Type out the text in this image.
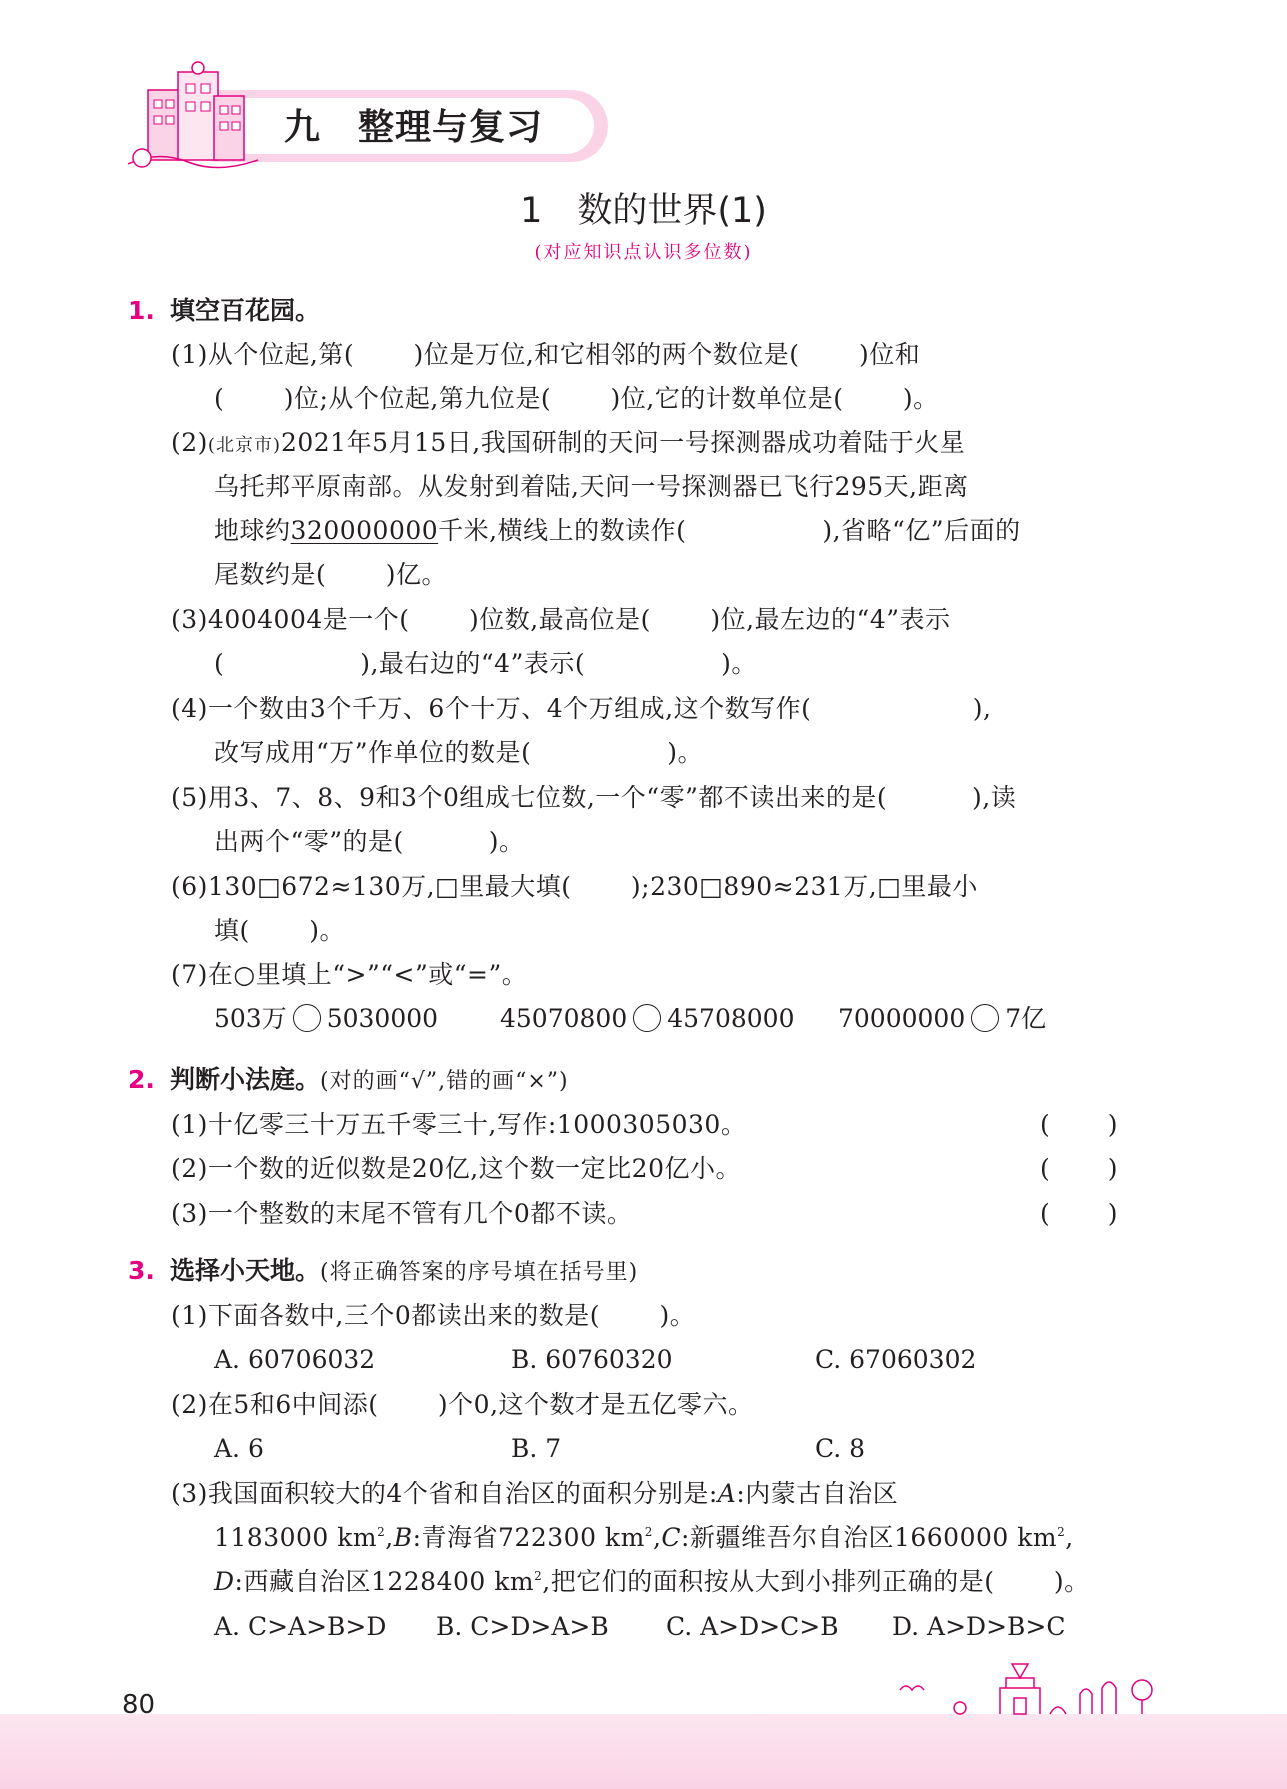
九　整理与复习
1　数的世界(1)
(对应知识点认识多位数)
1. 填空百花园。
(1)从个位起,第(　　 )位是万位,和它相邻的两个数位是(　　 )位和
(　　 )位;从个位起,第九位是(　　 )位,它的计数单位是(　　 )。
(2)(北京市)2021年5月15日,我国研制的天问一号探测器成功着陆于火星
乌托邦平原南部。从发射到着陆,天问一号探测器已飞行295天,距离
地球约320000000千米,横线上的数读作(　　　　　 ),省略“亿”后面的
尾数约是(　　 )亿。
(3)4004004是一个(　　 )位数,最高位是(　　 )位,最左边的“4”表示
(　　　　　 ),最右边的“4”表示(　　　　　 )。
(4)一个数由3个千万、6个十万、4个万组成,这个数写作(　　　　　　 ),
改写成用“万”作单位的数是(　　　　　 )。
(5)用3、7、8、9和3个0组成七位数,一个“零”都不读出来的是(　　　 ),读
出两个“零”的是(　　　 )。
(6)130□672≈130万,□里最大填(　　 );230□890≈231万,□里最小
填(　　 )。
(7)在○里填上“>”“<”或“=”。
503万 5030000 45070800 45708000 70000000 7亿
2. 判断小法庭。(对的画“√”,错的画“×”)
(1)十亿零三十万五千零三十,写作:1000305030。	(　　 )
(2)一个数的近似数是20亿,这个数一定比20亿小。	(　　 )
(3)一个整数的末尾不管有几个0都不读。	(　　 )
3. 选择小天地。(将正确答案的序号填在括号里)
(1)下面各数中,三个0都读出来的数是(　　 )。
A. 60706032	B. 60760320	C. 67060302
(2)在5和6中间添(　　 )个0,这个数才是五亿零六。
A. 6	B. 7	C. 8
(3)我国面积较大的4个省和自治区的面积分别是:A:内蒙古自治区
1183000 $km^2,B$:青海省722300 $km^2,C$:新疆维吾尔自治区1660000 $km^2$,
D:西藏自治区1228400 $km^2$,把它们的面积按从大到小排列正确的是(　　 )。
A. C>A>B>D B. C>D>A>B C. A>D>C>B D. A>D>B>C
80
